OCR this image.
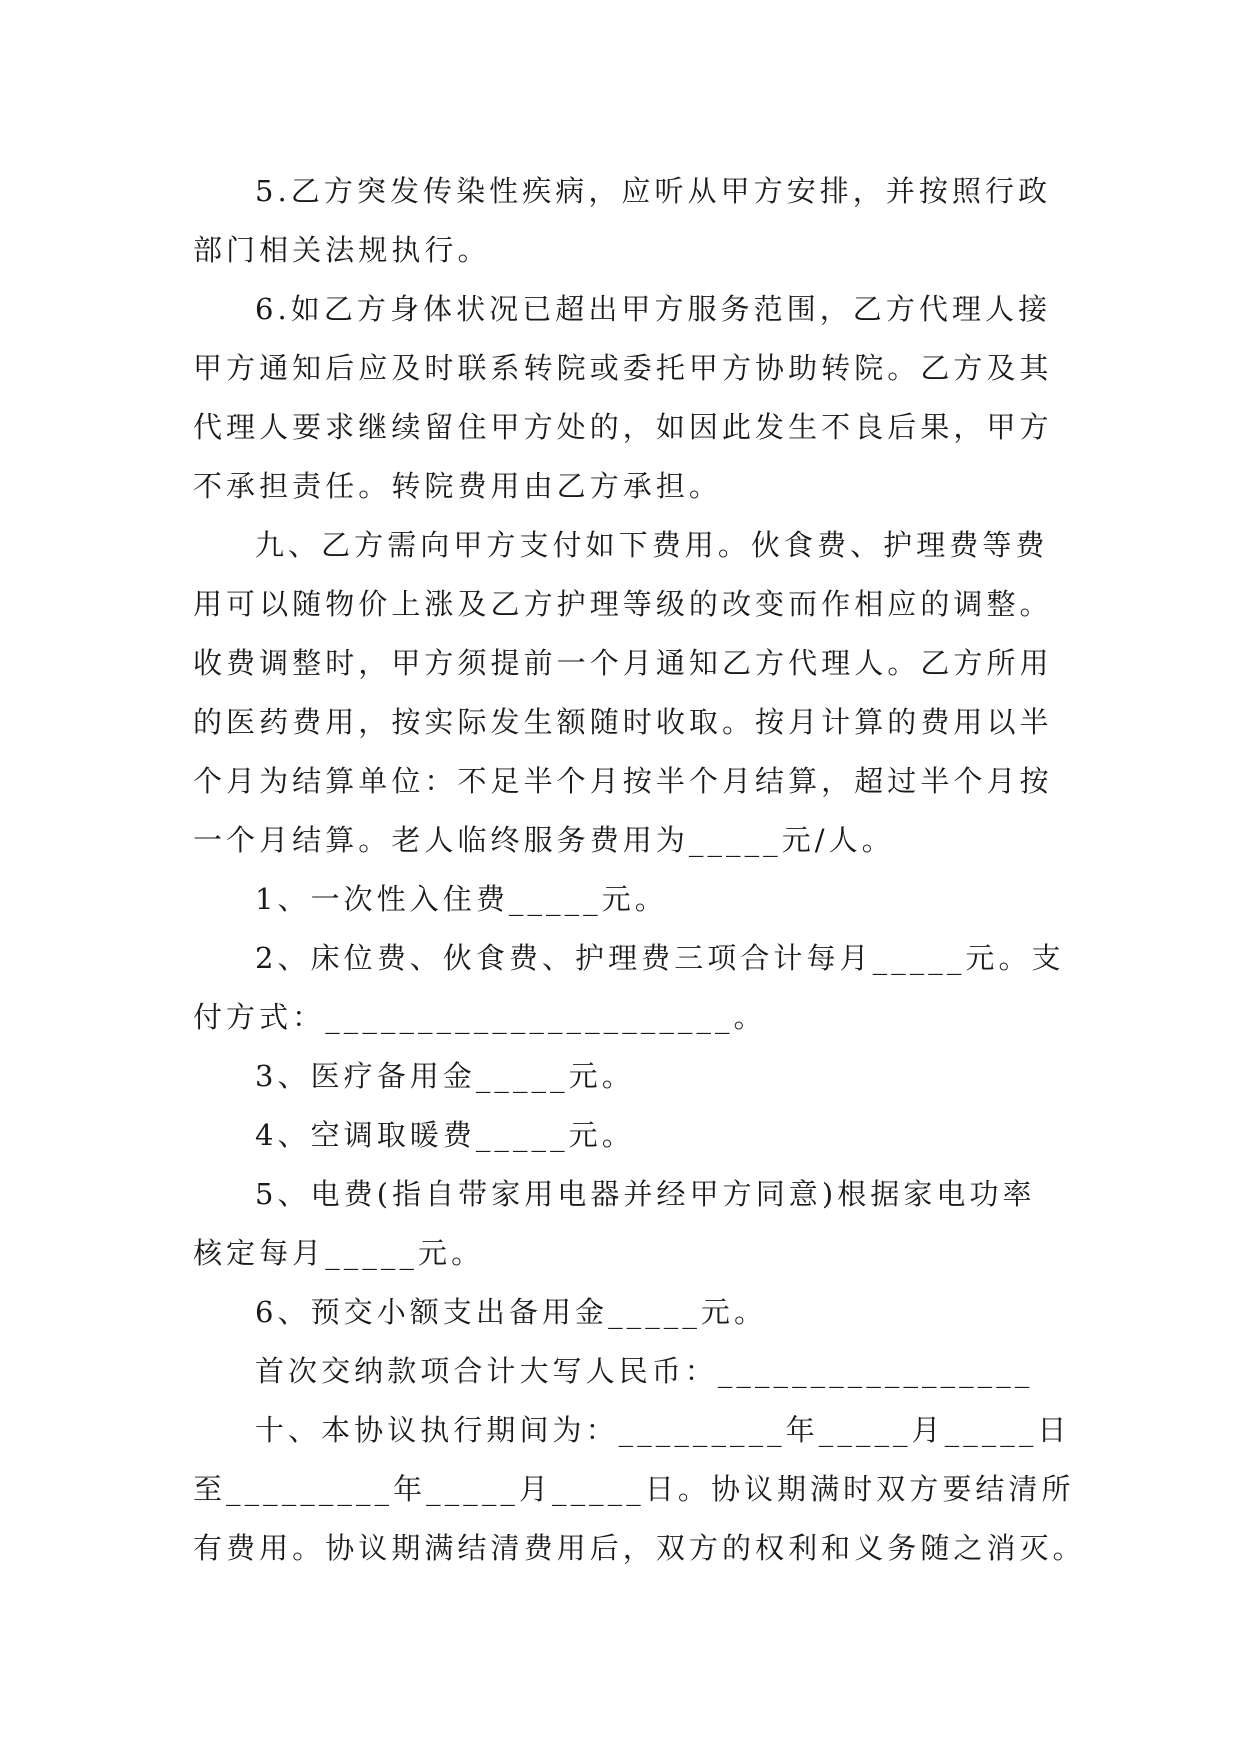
5.乙方突发传染性疾病，应听从甲方安排，并按照行政
部门相关法规执行。
6.如乙方身体状况已超出甲方服务范围，乙方代理人接
甲方通知后应及时联系转院或委托甲方协助转院。乙方及其
代理人要求继续留住甲方处的，如因此发生不良后果，甲方
不承担责任。转院费用由乙方承担。
九、乙方需向甲方支付如下费用。伙食费、护理费等费
用可以随物价上涨及乙方护理等级的改变而作相应的调整。
收费调整时，甲方须提前一个月通知乙方代理人。乙方所用
的医药费用，按实际发生额随时收取。按月计算的费用以半
个月为结算单位：不足半个月按半个月结算，超过半个月按
一个月结算。老人临终服务费用为_____元/人。
1、一次性入住费_____元。
2、床位费、伙食费、护理费三项合计每月_____元。支
付方式：______________________。
3、医疗备用金_____元。
4、空调取暖费_____元。
5、电费(指自带家用电器并经甲方同意)根据家电功率
核定每月_____元。
6、预交小额支出备用金_____元。
首次交纳款项合计大写人民币：_________________
十、本协议执行期间为：_________年_____月_____日
至_________年_____月_____日。协议期满时双方要结清所
有费用。协议期满结清费用后，双方的权利和义务随之消灭。
